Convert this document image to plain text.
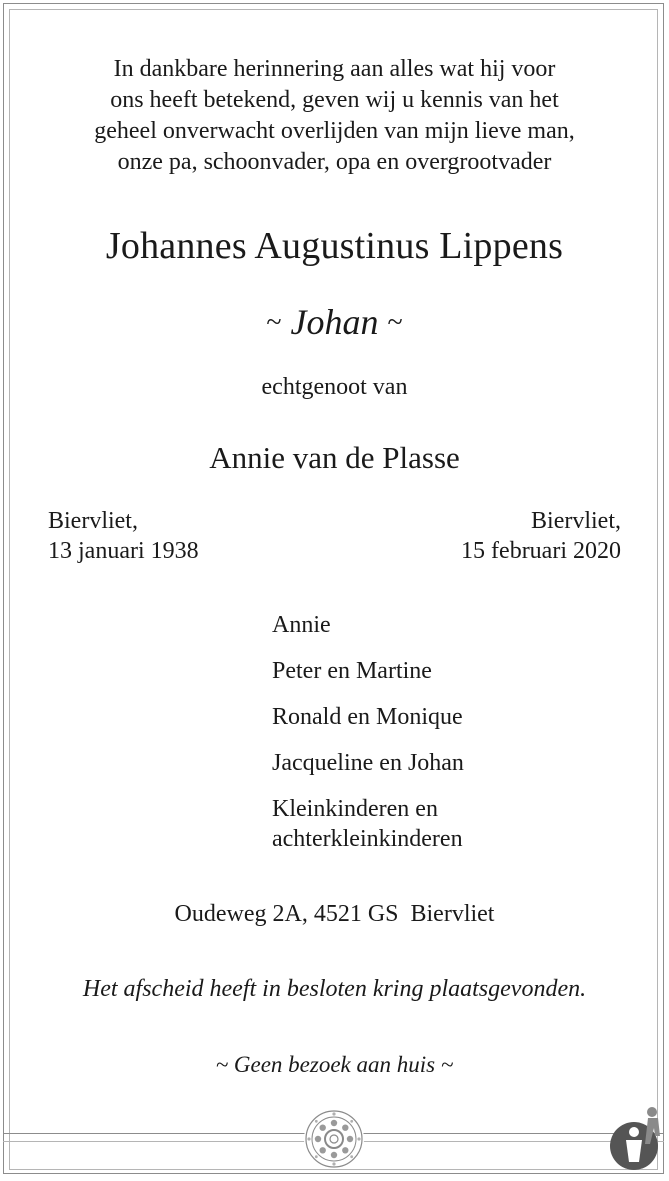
In dankbare herinnering aan alles wat hij voor
ons heeft betekend, geven wij u kennis van het
geheel onverwacht overlijden van mijn lieve man,
onze pa, schoonvader, opa en overgrootvader
Johannes Augustinus Lippens
~ Johan ~
echtgenoot van
Annie van de Plasse
Biervliet,
13 januari 1938
Biervliet,
15 februari 2020
Annie
Peter en Martine
Ronald en Monique
Jacqueline en Johan
Kleinkinderen en
achterkleinkinderen
Oudeweg 2A, 4521 GS  Biervliet
Het afscheid heeft in besloten kring plaatsgevonden.
~ Geen bezoek aan huis ~
